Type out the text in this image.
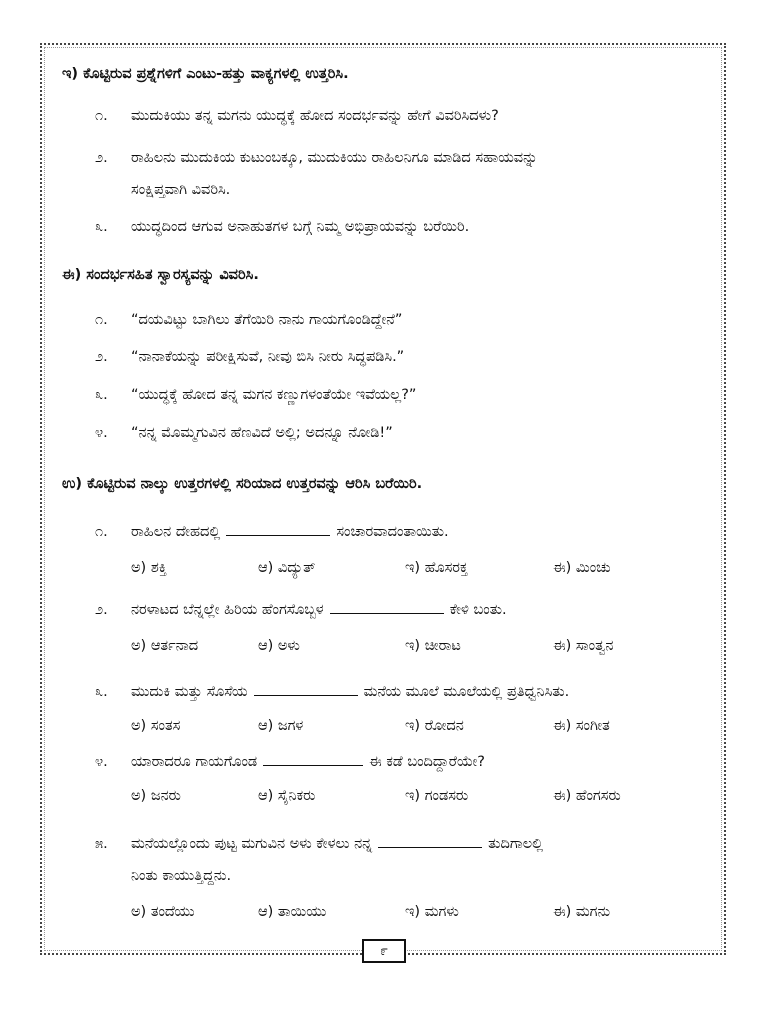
ಇ) ಕೊಟ್ಟಿರುವ ಪ್ರಶ್ನೆಗಳಿಗೆ ಎಂಟು-ಹತ್ತು ವಾಕ್ಯಗಳಲ್ಲಿ ಉತ್ತರಿಸಿ.
೧. ಮುದುಕಿಯು ತನ್ನ ಮಗನು ಯುದ್ಧಕ್ಕೆ ಹೋದ ಸಂದರ್ಭವನ್ನು ಹೇಗೆ ವಿವರಿಸಿದಳು?
೨. ರಾಹಿಲನು ಮುದುಕಿಯ ಕುಟುಂಬಕ್ಕೂ, ಮುದುಕಿಯು ರಾಹಿಲನಿಗೂ ಮಾಡಿದ ಸಹಾಯವನ್ನು
ಸಂಕ್ಷಿಪ್ತವಾಗಿ ವಿವರಿಸಿ.
೩. ಯುದ್ಧದಿಂದ ಆಗುವ ಅನಾಹುತಗಳ ಬಗ್ಗೆ ನಿಮ್ಮ ಅಭಿಪ್ರಾಯವನ್ನು ಬರೆಯಿರಿ.
ಈ) ಸಂದರ್ಭಸಹಿತ ಸ್ವಾರಸ್ಯವನ್ನು ವಿವರಿಸಿ.
೧. “ದಯವಿಟ್ಟು ಬಾಗಿಲು ತೆಗೆಯಿರಿ ನಾನು ಗಾಯಗೊಂಡಿದ್ದೇನೆ”
೨. “ನಾನಾಕೆಯನ್ನು ಪರೀಕ್ಷಿಸುವೆ, ನೀವು ಬಿಸಿ ನೀರು ಸಿದ್ಧಪಡಿಸಿ.”
೩. “ಯುದ್ಧಕ್ಕೆ ಹೋದ ತನ್ನ ಮಗನ ಕಣ್ಣುಗಳಂತೆಯೇ ಇವೆಯಲ್ಲ?”
೪. “ನನ್ನ ಮೊಮ್ಮಗುವಿನ ಹೆಣವಿದೆ ಅಲ್ಲಿ; ಅದನ್ನೂ ನೋಡಿ!”
ಉ) ಕೊಟ್ಟಿರುವ ನಾಲ್ಕು ಉತ್ತರಗಳಲ್ಲಿ ಸರಿಯಾದ ಉತ್ತರವನ್ನು ಆರಿಸಿ ಬರೆಯಿರಿ.
೧. ರಾಹಿಲನ ದೇಹದಲ್ಲಿ	ಸಂಚಾರವಾದಂತಾಯಿತು.
ಅ) ಶಕ್ತಿ	ಆ) ವಿದ್ಯುತ್	ಇ) ಹೊಸರಕ್ತ	ಈ) ಮಿಂಚು
೨. ನರಳಾಟದ ಬೆನ್ನಲ್ಲೇ ಹಿರಿಯ ಹೆಂಗಸೊಬ್ಬಳ	ಕೇಳಿ ಬಂತು.
ಅ) ಆರ್ತನಾದ	ಆ) ಅಳು	ಇ) ಚೀರಾಟ	ಈ) ಸಾಂತ್ವನ
೩. ಮುದುಕಿ ಮತ್ತು ಸೊಸೆಯ	ಮನೆಯ ಮೂಲೆ ಮೂಲೆಯಲ್ಲಿ ಪ್ರತಿಧ್ವನಿಸಿತು.
ಅ) ಸಂತಸ	ಆ) ಜಗಳ	ಇ) ರೋದನ	ಈ) ಸಂಗೀತ
೪. ಯಾರಾದರೂ ಗಾಯಗೊಂಡ	ಈ ಕಡೆ ಬಂದಿದ್ದಾರೆಯೇ?
ಅ) ಜನರು	ಆ) ಸೈನಿಕರು	ಇ) ಗಂಡಸರು	ಈ) ಹೆಂಗಸರು
೫. ಮನೆಯಲ್ಲೊಂದು ಪುಟ್ಟ ಮಗುವಿನ ಅಳು ಕೇಳಲು ನನ್ನ	ತುದಿಗಾಲಲ್ಲಿ
ನಿಂತು ಕಾಯುತ್ತಿದ್ದನು.
ಅ) ತಂದೆಯು	ಆ) ತಾಯಿಯು	ಇ) ಮಗಳು	ಈ) ಮಗನು
೯
